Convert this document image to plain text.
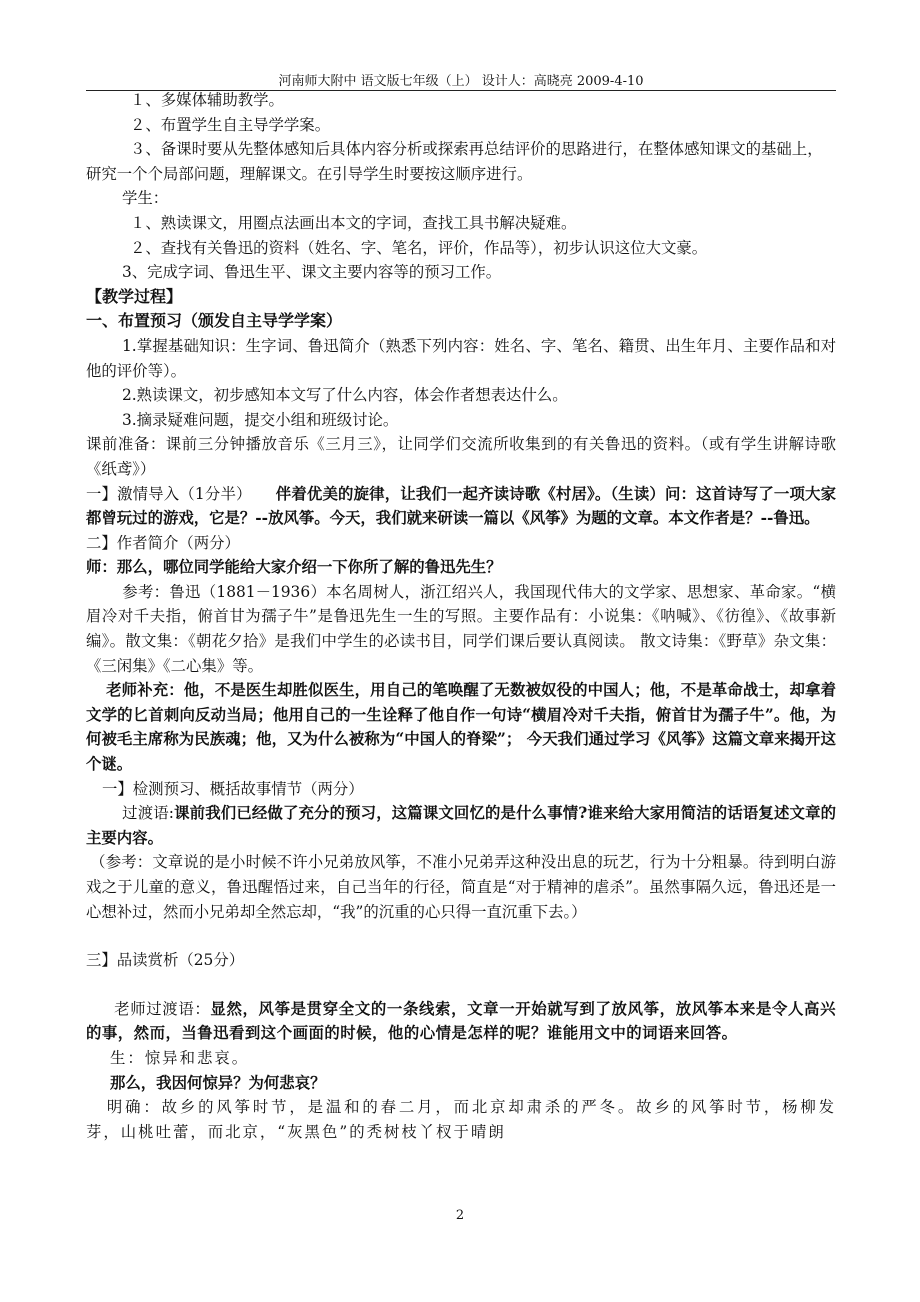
河南师大附中 语文版七年级（上） 设计人：高晓亮 2009-4-10

１、多媒体辅助教学。

２、布置学生自主导学学案。

３、备课时要从先整体感知后具体内容分析或探索再总结评价的思路进行，在整体感知课文的基础上，研究一个个局部问题，理解课文。在引导学生时要按这顺序进行。

学生：

１、熟读课文，用圈点法画出本文的字词，查找工具书解决疑难。

２、查找有关鲁迅的资料（姓名、字、笔名，评价，作品等），初步认识这位大文豪。

3、完成字词、鲁迅生平、课文主要内容等的预习工作。

【教学过程】

一、布置预习（颁发自主导学学案）

1.掌握基础知识：生字词、鲁迅简介（熟悉下列内容：姓名、字、笔名、籍贯、出生年月、主要作品和对他的评价等）。

2.熟读课文，初步感知本文写了什么内容，体会作者想表达什么。

3.摘录疑难问题，提交小组和班级讨论。

课前准备：课前三分钟播放音乐《三月三》，让同学们交流所收集到的有关鲁迅的资料。（或有学生讲解诗歌《纸鸢》）

一】激情导入（1分半） 伴着优美的旋律，让我们一起齐读诗歌《村居》。（生读）问：这首诗写了一项大家都曾玩过的游戏，它是？--放风筝。今天，我们就来研读一篇以《风筝》为题的文章。本文作者是？--鲁迅。

二】作者简介（两分）

师：那么，哪位同学能给大家介绍一下你所了解的鲁迅先生？

参考：鲁迅（1881－1936）本名周树人，浙江绍兴人，我国现代伟大的文学家、思想家、革命家。“横眉冷对千夫指，俯首甘为孺子牛”是鲁迅先生一生的写照。主要作品有：小说集：《呐喊》、《彷徨》、《故事新编》。散文集：《朝花夕拾》是我们中学生的必读书目，同学们课后要认真阅读。 散文诗集：《野草》杂文集：《三闲集》《二心集》等。

老师补充：他，不是医生却胜似医生，用自己的笔唤醒了无数被奴役的中国人；他，不是革命战士，却拿着文学的匕首刺向反动当局；他用自己的一生诠释了他自作一句诗“横眉冷对千夫指，俯首甘为孺子牛”。他，为何被毛主席称为民族魂；他，又为什么被称为“中国人的脊梁”； 今天我们通过学习《风筝》这篇文章来揭开这个谜。

一】检测预习、概括故事情节（两分）

过渡语:课前我们已经做了充分的预习，这篇课文回忆的是什么事情?谁来给大家用简洁的话语复述文章的主要内容。

（参考：文章说的是小时候不许小兄弟放风筝，不准小兄弟弄这种没出息的玩艺，行为十分粗暴。待到明白游戏之于儿童的意义，鲁迅醒悟过来，自己当年的行径，简直是“对于精神的虐杀”。虽然事隔久远，鲁迅还是一心想补过，然而小兄弟却全然忘却，“我”的沉重的心只得一直沉重下去。）

三】品读赏析（25分）

老师过渡语：显然，风筝是贯穿全文的一条线索，文章一开始就写到了放风筝，放风筝本来是令人高兴的事，然而，当鲁迅看到这个画面的时候，他的心情是怎样的呢？谁能用文中的词语来回答。

生：惊异和悲哀。

那么，我因何惊异？为何悲哀？

明确：故乡的风筝时节，是温和的春二月，而北京却肃杀的严冬。故乡的风筝时节，杨柳发芽，山桃吐蕾，而北京，“灰黑色”的秃树枝丫杈于晴朗

2
